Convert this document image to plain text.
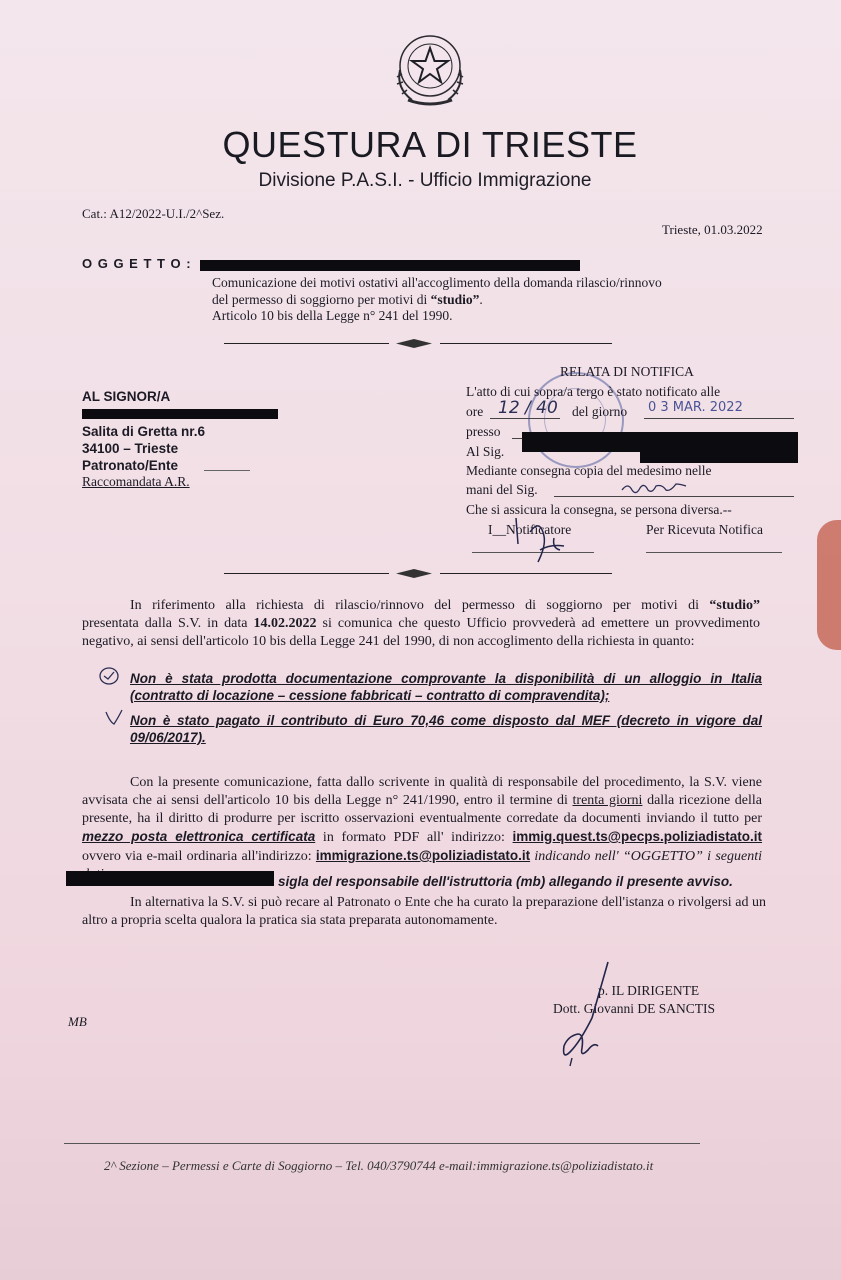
QUESTURA DI TRIESTE
Divisione P.A.S.I. - Ufficio Immigrazione
Cat.: A12/2022-U.I./2^Sez.
Trieste, 01.03.2022
O G G E T T O :
Comunicazione dei motivi ostativi all'accoglimento della domanda rilascio/rinnovo
del permesso di soggiorno per motivi di “studio”.
Articolo 10 bis della Legge n° 241 del 1990.
AL SIGNOR/A
Salita di Gretta nr.6
34100 – Trieste
Patronato/Ente
Raccomandata A.R.
RELATA DI NOTIFICA
L'atto di cui sopra/a tergo è stato notificato alle
ore 12 / 40 del giorno 0 3 MAR. 2022
presso
Al Sig.
Mediante consegna copia del medesimo nelle
mani del Sig.
Che si assicura la consegna, se persona diversa.--
I__Notificatore	Per Ricevuta Notifica
In riferimento alla richiesta di rilascio/rinnovo del permesso di soggiorno per motivi di “studio”
presentata dalla S.V. in data 14.02.2022 si comunica che questo Ufficio provvederà ad emettere un provvedimento negativo, ai sensi dell'articolo 10 bis della Legge 241 del 1990, di non accoglimento della richiesta in quanto:
Non è stata prodotta documentazione comprovante la disponibilità di un alloggio in Italia (contratto di locazione – cessione fabbricati – contratto di compravendita);
Non è stato pagato il contributo di Euro 70,46 come disposto dal MEF (decreto in vigore dal 09/06/2017).
Con la presente comunicazione, fatta dallo scrivente in qualità di responsabile del procedimento, la S.V. viene avvisata che ai sensi dell'articolo 10 bis della Legge n° 241/1990, entro il termine di trenta giorni dalla ricezione della presente, ha il diritto di produrre per iscritto osservazioni eventualmente corredate da documenti inviando il tutto per mezzo posta elettronica certificata in formato PDF all' indirizzo: immig.quest.ts@pecps.poliziadistato.it ovvero via e-mail ordinaria all'indirizzo: immigrazione.ts@poliziadistato.it indicando nell' “OGGETTO” i seguenti
sigla del responsabile dell'istruttoria (mb) allegando il presente avviso.
In alternativa la S.V. si può recare al Patronato o Ente che ha curato la preparazione dell'istanza o rivolgersi ad un altro a propria scelta qualora la pratica sia stata preparata autonomamente.
p. IL DIRIGENTE
Dott. Giovanni DE SANCTIS
MB
2^ Sezione – Permessi e Carte di Soggiorno – Tel. 040/3790744 e-mail:immigrazione.ts@poliziadistato.it
